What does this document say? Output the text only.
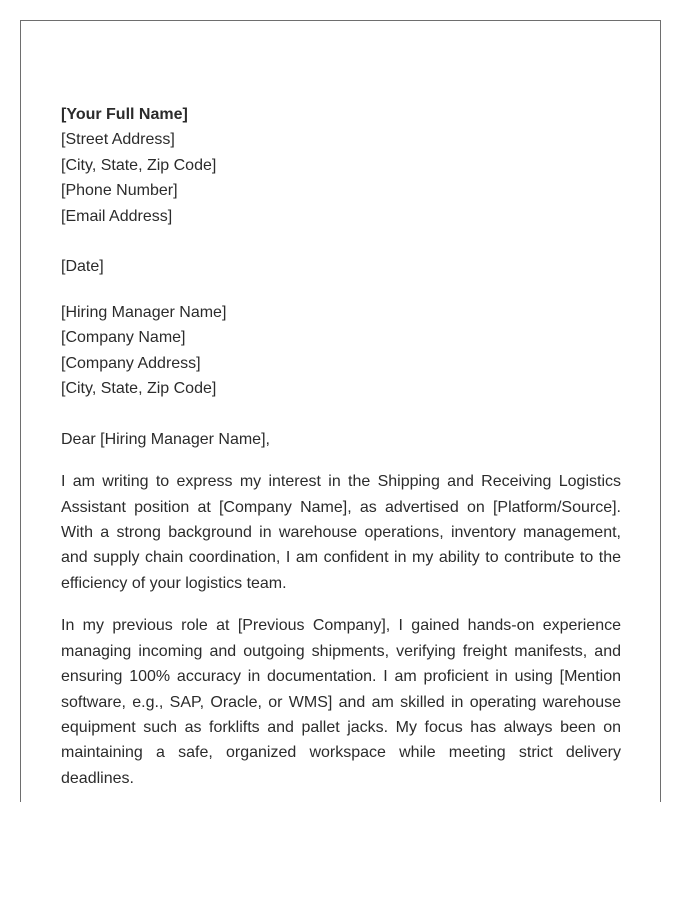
[Your Full Name]
[Street Address]
[City, State, Zip Code]
[Phone Number]
[Email Address]
[Date]
[Hiring Manager Name]
[Company Name]
[Company Address]
[City, State, Zip Code]
Dear [Hiring Manager Name],

I am writing to express my interest in the Shipping and Receiving Logistics Assistant position at [Company Name], as advertised on [Platform/Source]. With a strong background in warehouse operations, inventory management, and supply chain coordination, I am confident in my ability to contribute to the efficiency of your logistics team.

In my previous role at [Previous Company], I gained hands-on experience managing incoming and outgoing shipments, verifying freight manifests, and ensuring 100% accuracy in documentation. I am proficient in using [Mention software, e.g., SAP, Oracle, or WMS] and am skilled in operating warehouse equipment such as forklifts and pallet jacks. My focus has always been on maintaining a safe, organized workspace while meeting strict delivery deadlines.
